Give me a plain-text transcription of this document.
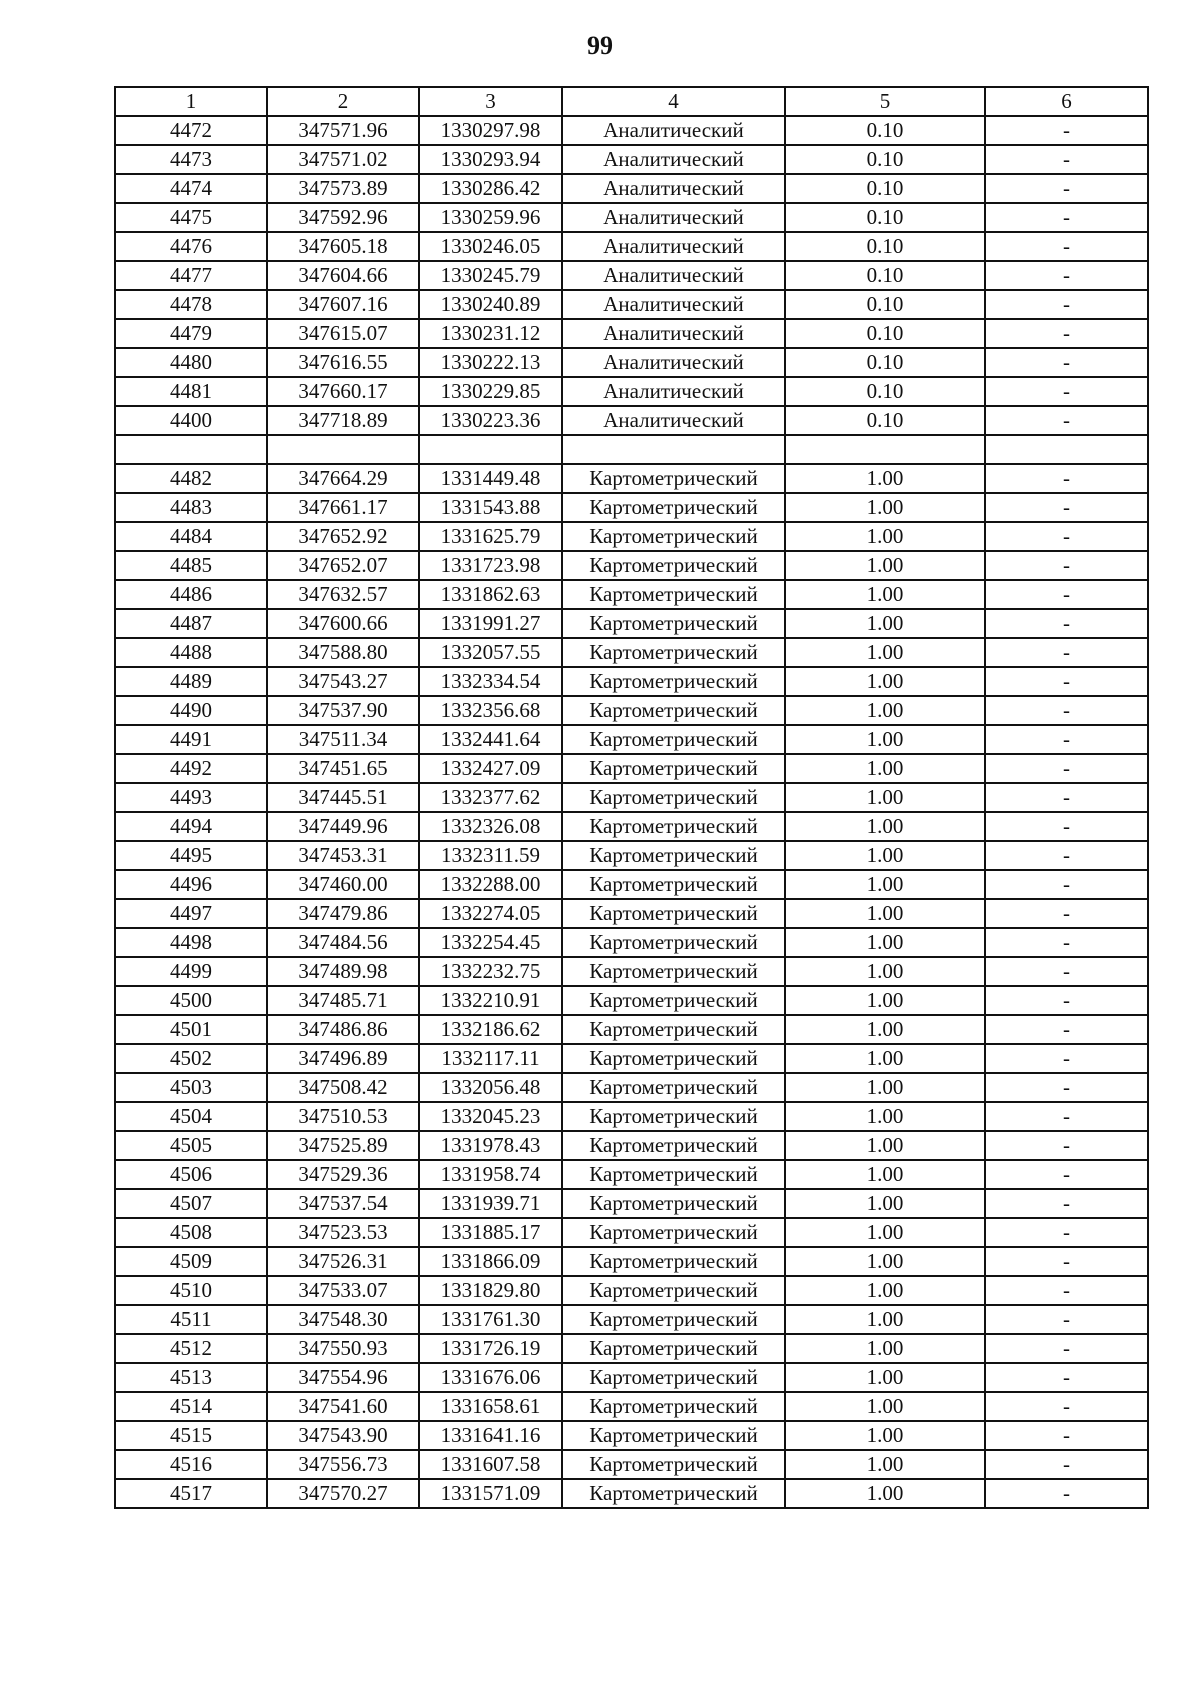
99
1	2	3	4	5	6
4472	347571.96	1330297.98	Аналитический	0.10	-
4473	347571.02	1330293.94	Аналитический	0.10	-
4474	347573.89	1330286.42	Аналитический	0.10	-
4475	347592.96	1330259.96	Аналитический	0.10	-
4476	347605.18	1330246.05	Аналитический	0.10	-
4477	347604.66	1330245.79	Аналитический	0.10	-
4478	347607.16	1330240.89	Аналитический	0.10	-
4479	347615.07	1330231.12	Аналитический	0.10	-
4480	347616.55	1330222.13	Аналитический	0.10	-
4481	347660.17	1330229.85	Аналитический	0.10	-
4400	347718.89	1330223.36	Аналитический	0.10	-

4482	347664.29	1331449.48	Картометрический	1.00	-
4483	347661.17	1331543.88	Картометрический	1.00	-
4484	347652.92	1331625.79	Картометрический	1.00	-
4485	347652.07	1331723.98	Картометрический	1.00	-
4486	347632.57	1331862.63	Картометрический	1.00	-
4487	347600.66	1331991.27	Картометрический	1.00	-
4488	347588.80	1332057.55	Картометрический	1.00	-
4489	347543.27	1332334.54	Картометрический	1.00	-
4490	347537.90	1332356.68	Картометрический	1.00	-
4491	347511.34	1332441.64	Картометрический	1.00	-
4492	347451.65	1332427.09	Картометрический	1.00	-
4493	347445.51	1332377.62	Картометрический	1.00	-
4494	347449.96	1332326.08	Картометрический	1.00	-
4495	347453.31	1332311.59	Картометрический	1.00	-
4496	347460.00	1332288.00	Картометрический	1.00	-
4497	347479.86	1332274.05	Картометрический	1.00	-
4498	347484.56	1332254.45	Картометрический	1.00	-
4499	347489.98	1332232.75	Картометрический	1.00	-
4500	347485.71	1332210.91	Картометрический	1.00	-
4501	347486.86	1332186.62	Картометрический	1.00	-
4502	347496.89	1332117.11	Картометрический	1.00	-
4503	347508.42	1332056.48	Картометрический	1.00	-
4504	347510.53	1332045.23	Картометрический	1.00	-
4505	347525.89	1331978.43	Картометрический	1.00	-
4506	347529.36	1331958.74	Картометрический	1.00	-
4507	347537.54	1331939.71	Картометрический	1.00	-
4508	347523.53	1331885.17	Картометрический	1.00	-
4509	347526.31	1331866.09	Картометрический	1.00	-
4510	347533.07	1331829.80	Картометрический	1.00	-
4511	347548.30	1331761.30	Картометрический	1.00	-
4512	347550.93	1331726.19	Картометрический	1.00	-
4513	347554.96	1331676.06	Картометрический	1.00	-
4514	347541.60	1331658.61	Картометрический	1.00	-
4515	347543.90	1331641.16	Картометрический	1.00	-
4516	347556.73	1331607.58	Картометрический	1.00	-
4517	347570.27	1331571.09	Картометрический	1.00	-
